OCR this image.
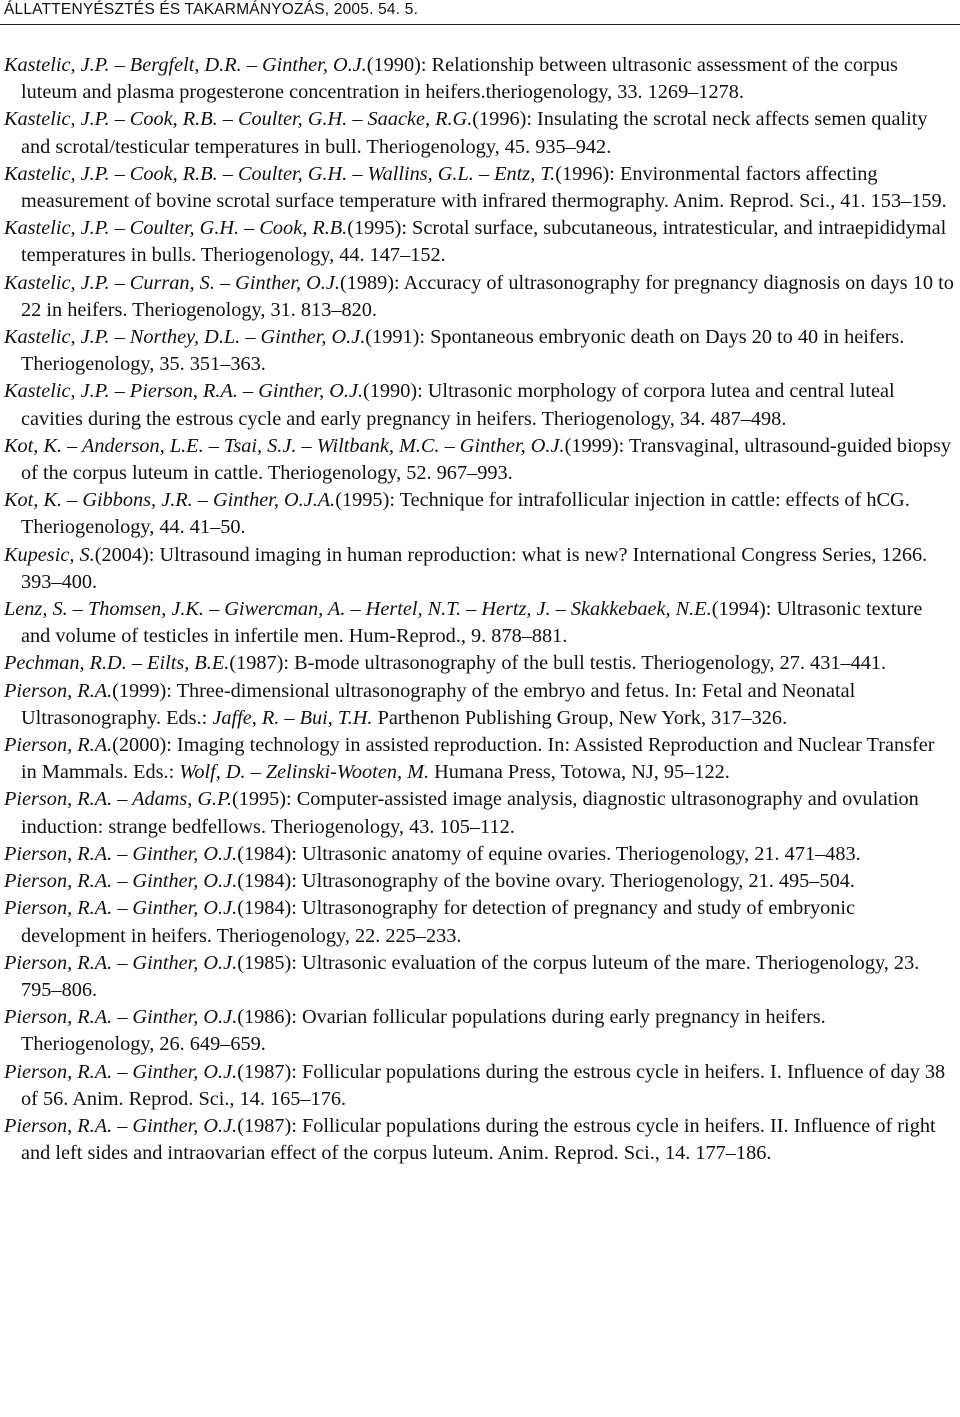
ÁLLATTENYÉSZTÉS ÉS TAKARMÁNYOZÁS, 2005. 54. 5.

Kastelic, J.P. – Bergfelt, D.R. – Ginther, O.J.(1990): Relationship between ultrasonic assessment of the corpus luteum and plasma progesterone concentration in heifers.theriogenology, 33. 1269–1278.

Kastelic, J.P. – Cook, R.B. – Coulter, G.H. – Saacke, R.G.(1996): Insulating the scrotal neck affects semen quality and scrotal/testicular temperatures in bull. Theriogenology, 45. 935–942.

Kastelic, J.P. – Cook, R.B. – Coulter, G.H. – Wallins, G.L. – Entz, T.(1996): Environmental factors affecting measurement of bovine scrotal surface temperature with infrared thermography. Anim. Reprod. Sci., 41. 153–159.

Kastelic, J.P. – Coulter, G.H. – Cook, R.B.(1995): Scrotal surface, subcutaneous, intratesticular, and intraepididymal temperatures in bulls. Theriogenology, 44. 147–152.

Kastelic, J.P. – Curran, S. – Ginther, O.J.(1989): Accuracy of ultrasonography for pregnancy diagnosis on days 10 to 22 in heifers. Theriogenology, 31. 813–820.

Kastelic, J.P. – Northey, D.L. – Ginther, O.J.(1991): Spontaneous embryonic death on Days 20 to 40 in heifers. Theriogenology, 35. 351–363.

Kastelic, J.P. – Pierson, R.A. – Ginther, O.J.(1990): Ultrasonic morphology of corpora lutea and central luteal cavities during the estrous cycle and early pregnancy in heifers. Theriogenology, 34. 487–498.

Kot, K. – Anderson, L.E. – Tsai, S.J. – Wiltbank, M.C. – Ginther, O.J.(1999): Transvaginal, ultrasound-guided biopsy of the corpus luteum in cattle. Theriogenology, 52. 967–993.

Kot, K. – Gibbons, J.R. – Ginther, O.J.A.(1995): Technique for intrafollicular injection in cattle: effects of hCG. Theriogenology, 44. 41–50.

Kupesic, S.(2004): Ultrasound imaging in human reproduction: what is new? International Congress Series, 1266. 393–400.

Lenz, S. – Thomsen, J.K. – Giwercman, A. – Hertel, N.T. – Hertz, J. – Skakkebaek, N.E.(1994): Ultrasonic texture and volume of testicles in infertile men. Hum-Reprod., 9. 878–881.

Pechman, R.D. – Eilts, B.E.(1987): B-mode ultrasonography of the bull testis. Theriogenology, 27. 431–441.

Pierson, R.A.(1999): Three-dimensional ultrasonography of the embryo and fetus. In: Fetal and Neonatal Ultrasonography. Eds.: Jaffe, R. – Bui, T.H. Parthenon Publishing Group, New York, 317–326.

Pierson, R.A.(2000): Imaging technology in assisted reproduction. In: Assisted Reproduction and Nuclear Transfer in Mammals. Eds.: Wolf, D. – Zelinski-Wooten, M. Humana Press, Totowa, NJ, 95–122.

Pierson, R.A. – Adams, G.P.(1995): Computer-assisted image analysis, diagnostic ultrasonography and ovulation induction: strange bedfellows. Theriogenology, 43. 105–112.

Pierson, R.A. – Ginther, O.J.(1984): Ultrasonic anatomy of equine ovaries. Theriogenology, 21. 471–483.

Pierson, R.A. – Ginther, O.J.(1984): Ultrasonography of the bovine ovary. Theriogenology, 21. 495–504.

Pierson, R.A. – Ginther, O.J.(1984): Ultrasonography for detection of pregnancy and study of embryonic development in heifers. Theriogenology, 22. 225–233.

Pierson, R.A. – Ginther, O.J.(1985): Ultrasonic evaluation of the corpus luteum of the mare. Theriogenology, 23. 795–806.

Pierson, R.A. – Ginther, O.J.(1986): Ovarian follicular populations during early pregnancy in heifers. Theriogenology, 26. 649–659.

Pierson, R.A. – Ginther, O.J.(1987): Follicular populations during the estrous cycle in heifers. I. Influence of day 38 of 56. Anim. Reprod. Sci., 14. 165–176.

Pierson, R.A. – Ginther, O.J.(1987): Follicular populations during the estrous cycle in heifers. II. Influence of right and left sides and intraovarian effect of the corpus luteum. Anim. Reprod. Sci., 14. 177–186.
